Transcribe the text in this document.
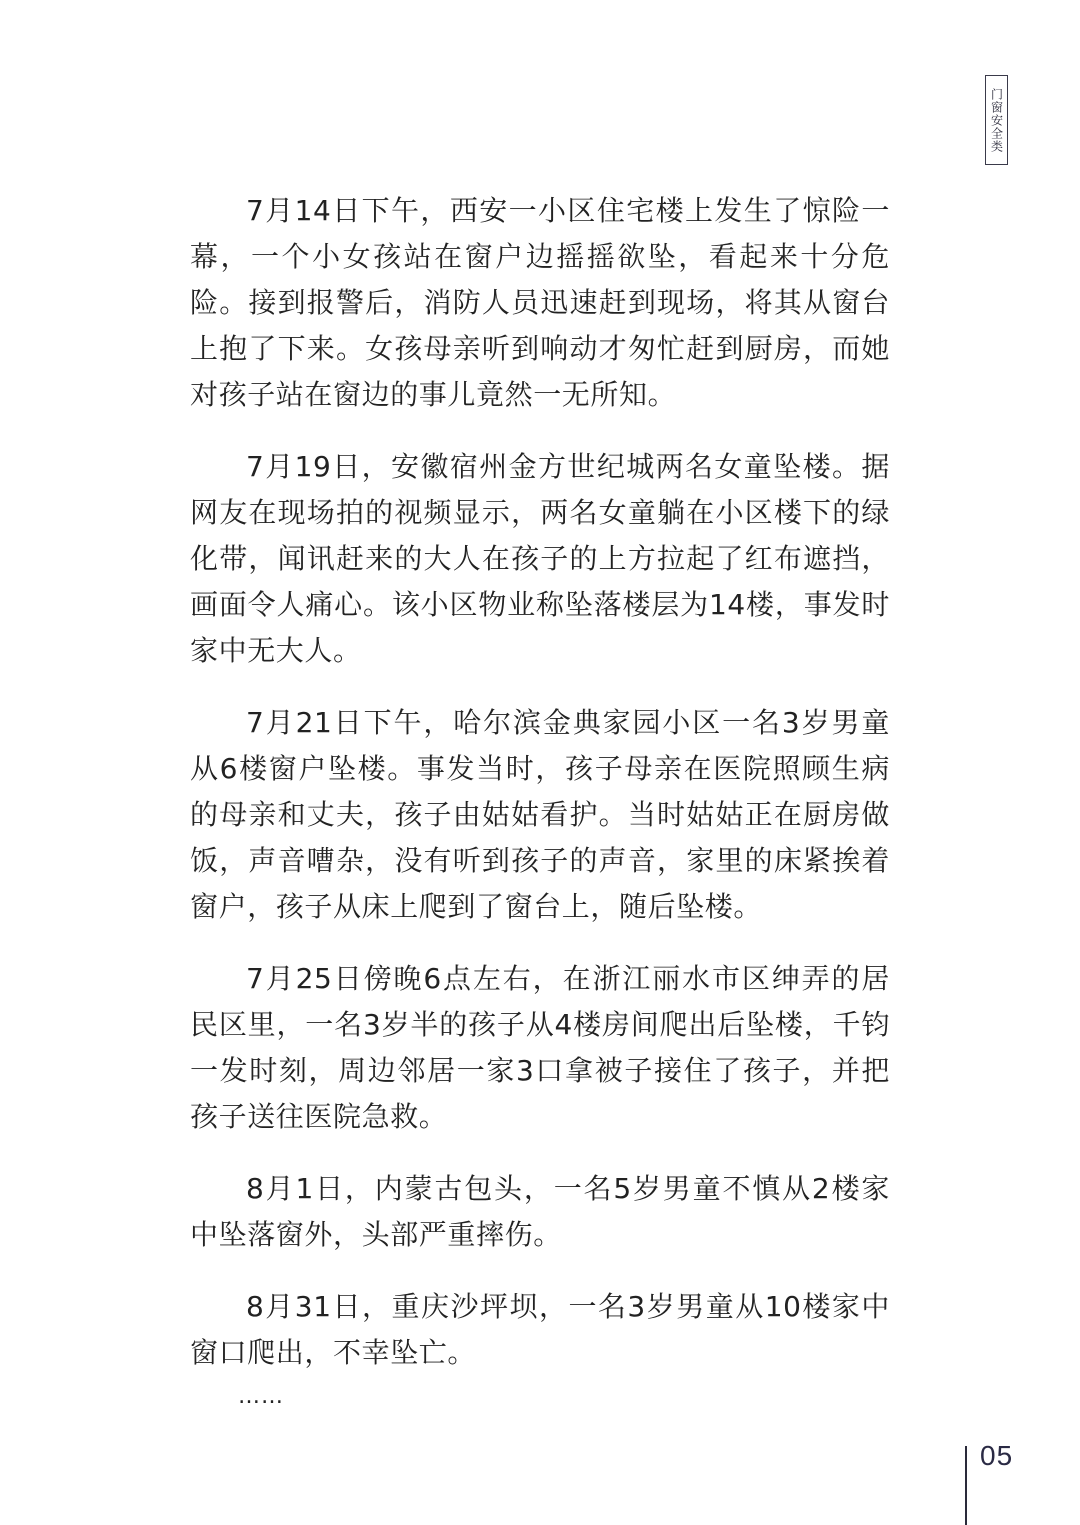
门窗安全类

7月14日下午，西安一小区住宅楼上发生了惊险一幕，一个小女孩站在窗户边摇摇欲坠，看起来十分危险。接到报警后，消防人员迅速赶到现场，将其从窗台上抱了下来。女孩母亲听到响动才匆忙赶到厨房，而她对孩子站在窗边的事儿竟然一无所知。

7月19日，安徽宿州金方世纪城两名女童坠楼。据网友在现场拍的视频显示，两名女童躺在小区楼下的绿化带，闻讯赶来的大人在孩子的上方拉起了红布遮挡，画面令人痛心。该小区物业称坠落楼层为14楼，事发时家中无大人。

7月21日下午，哈尔滨金典家园小区一名3岁男童从6楼窗户坠楼。事发当时，孩子母亲在医院照顾生病的母亲和丈夫，孩子由姑姑看护。当时姑姑正在厨房做饭，声音嘈杂，没有听到孩子的声音，家里的床紧挨着窗户，孩子从床上爬到了窗台上，随后坠楼。

7月25日傍晚6点左右，在浙江丽水市区绅弄的居民区里，一名3岁半的孩子从4楼房间爬出后坠楼，千钧一发时刻，周边邻居一家3口拿被子接住了孩子，并把孩子送往医院急救。

8月1日，内蒙古包头，一名5岁男童不慎从2楼家中坠落窗外，头部严重摔伤。

8月31日，重庆沙坪坝，一名3岁男童从10楼家中窗口爬出，不幸坠亡。

……

05
